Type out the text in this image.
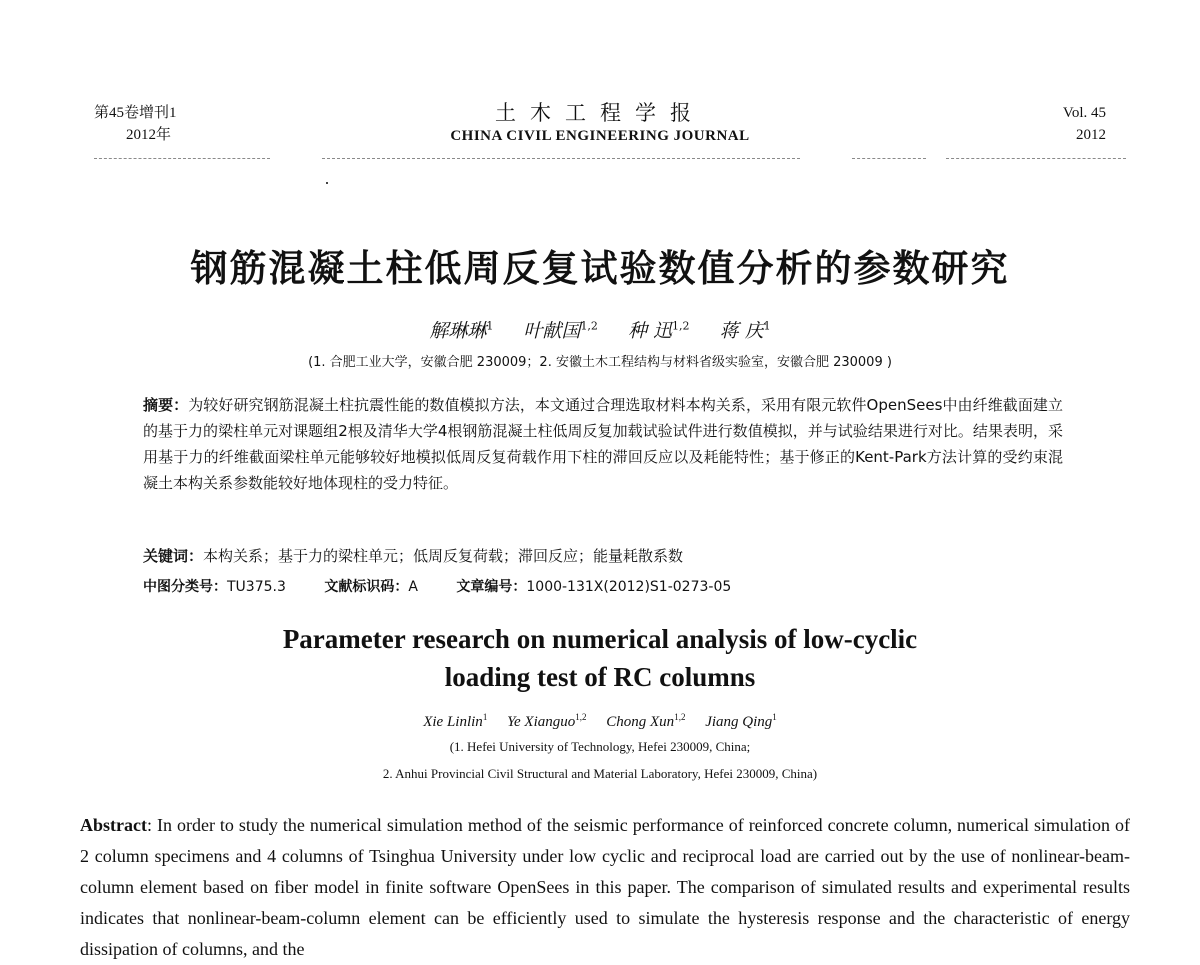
第45卷增刊1
2012年
土木工程学报
CHINA CIVIL ENGINEERING JOURNAL
Vol. 45
2012
钢筋混凝土柱低周反复试验数值分析的参数研究
解琳琳$^1$ 叶献国$^{1,2}$ 种 迅$^{1,2}$ 蒋 庆$^1$
(1. 合肥工业大学，安徽合肥 230009；2. 安徽土木工程结构与材料省级实验室，安徽合肥 230009 )
摘要：为较好研究钢筋混凝土柱抗震性能的数值模拟方法，本文通过合理选取材料本构关系，采用有限元软件OpenSees中由纤维截面建立的基于力的梁柱单元对课题组2根及清华大学4根钢筋混凝土柱低周反复加载试验试件进行数值模拟，并与试验结果进行对比。结果表明，采用基于力的纤维截面梁柱单元能够较好地模拟低周反复荷载作用下柱的滞回反应以及耗能特性；基于修正的Kent-Park方法计算的受约束混凝土本构关系参数能较好地体现柱的受力特征。
关键词：本构关系；基于力的梁柱单元；低周反复荷载；滞回反应；能量耗散系数
中图分类号：TU375.3	文献标识码：A	文章编号：1000-131X(2012)S1-0273-05
Parameter research on numerical analysis of low-cyclic
loading test of RC columns
Xie Linlin$^1$ Ye Xianguo$^{1,2}$ Chong Xun$^{1,2}$ Jiang Qing$^1$
(1. Hefei University of Technology, Hefei 230009, China;
2. Anhui Provincial Civil Structural and Material Laboratory, Hefei 230009, China)
Abstract: In order to study the numerical simulation method of the seismic performance of reinforced concrete column, numerical simulation of 2 column specimens and 4 columns of Tsinghua University under low cyclic and reciprocal load are carried out by the use of nonlinear-beam-column element based on fiber model in finite software OpenSees in this paper. The comparison of simulated results and experimental results indicates that nonlinear-beam-column element can be efficiently used to simulate the hysteresis response and the characteristic of energy dissipation of columns, and the
